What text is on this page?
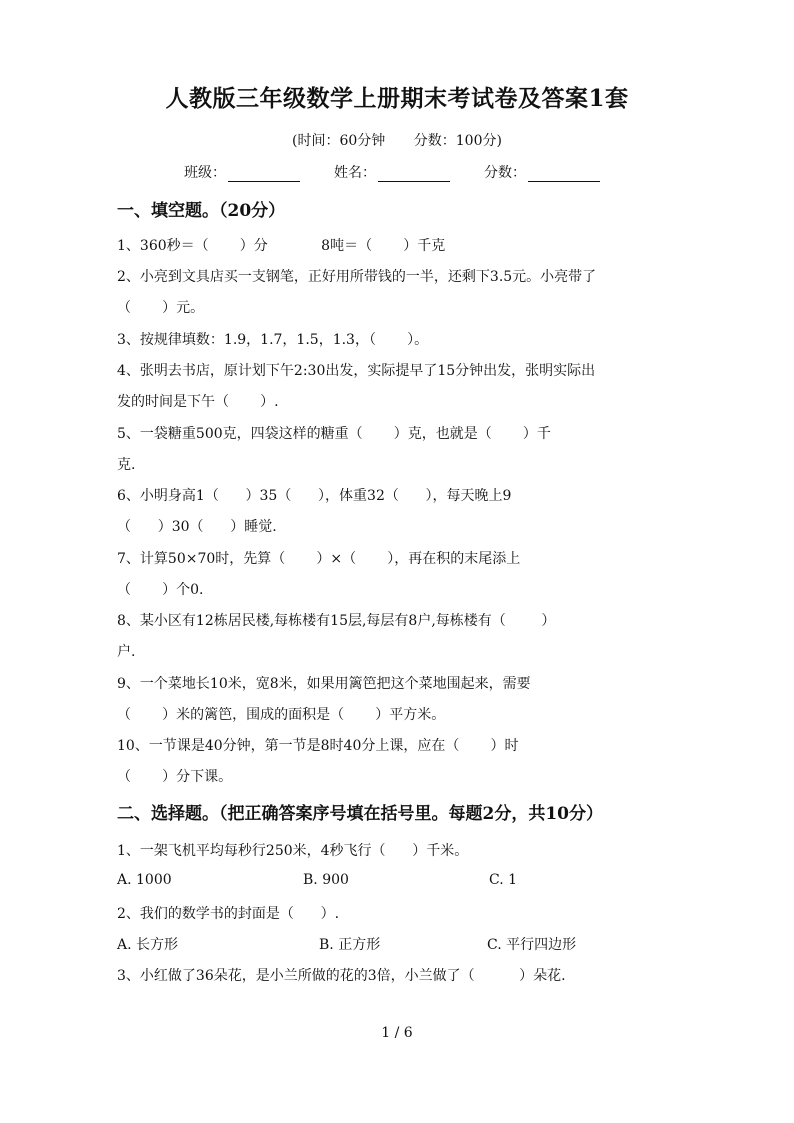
人教版三年级数学上册期末考试卷及答案1套
(时间：60分钟 分数：100分)
班级：	姓名：	分数：
一、填空题。（20分）
1、360秒＝（       ）分            8吨＝（       ）千克
2、小亮到文具店买一支钢笔，正好用所带钱的一半，还剩下3.5元。小亮带了
（       ）元。
3、按规律填数：1.9，1.7，1.5，1.3，（       ）。
4、张明去书店，原计划下午2:30出发，实际提早了15分钟出发，张明实际出
发的时间是下午（       ）.
5、一袋糖重500克，四袋这样的糖重（       ）克，也就是（       ）千
克.
6、小明身高1（      ）35（      ），体重32（      ），每天晚上9
（      ）30（      ）睡觉.
7、计算50×70时，先算（       ）×（       ），再在积的末尾添上
（       ）个0.
8、某小区有12栋居民楼,每栋楼有15层,每层有8户,每栋楼有（        ）
户.
9、一个菜地长10米，宽8米，如果用篱笆把这个菜地围起来，需要
（       ）米的篱笆，围成的面积是（       ）平方米。
10、一节课是40分钟，第一节是8时40分上课，应在（       ）时
（       ）分下课。
二、选择题。（把正确答案序号填在括号里。每题2分，共10分）
1、一架飞机平均每秒行250米，4秒飞行（      ）千米。
A. 1000	B. 900	C. 1
2、我们的数学书的封面是（      ）.
A. 长方形	B. 正方形	C. 平行四边形
3、小红做了36朵花，是小兰所做的花的3倍，小兰做了（          ）朵花.
1 / 6
